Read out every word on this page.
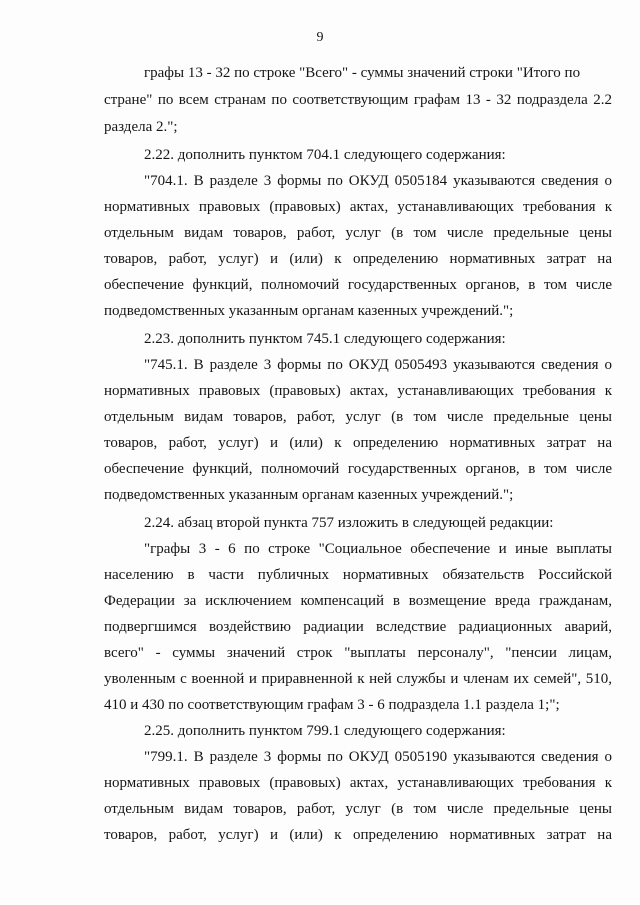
9
графы 13 - 32 по строке "Всего" - суммы значений строки "Итого по
стране" по всем странам по соответствующим графам 13 - 32 подраздела 2.2
раздела 2.";
2.22. дополнить пунктом 704.1 следующего содержания:
"704.1. В разделе 3 формы по ОКУД 0505184 указываются сведения о
нормативных правовых (правовых) актах, устанавливающих требования к
отдельным видам товаров, работ, услуг (в том числе предельные цены
товаров, работ, услуг) и (или) к определению нормативных затрат на
обеспечение функций, полномочий государственных органов, в том числе
подведомственных указанным органам казенных учреждений.";
2.23. дополнить пунктом 745.1 следующего содержания:
"745.1. В разделе 3 формы по ОКУД 0505493 указываются сведения о
нормативных правовых (правовых) актах, устанавливающих требования к
отдельным видам товаров, работ, услуг (в том числе предельные цены
товаров, работ, услуг) и (или) к определению нормативных затрат на
обеспечение функций, полномочий государственных органов, в том числе
подведомственных указанным органам казенных учреждений.";
2.24. абзац второй пункта 757 изложить в следующей редакции:
"графы 3 - 6 по строке "Социальное обеспечение и иные выплаты
населению в части публичных нормативных обязательств Российской
Федерации за исключением компенсаций в возмещение вреда гражданам,
подвергшимся воздействию радиации вследствие радиационных аварий,
всего" - суммы значений строк "выплаты персоналу", "пенсии лицам,
уволенным с военной и приравненной к ней службы и членам их семей", 510,
410 и 430 по соответствующим графам 3 - 6 подраздела 1.1 раздела 1;";
2.25. дополнить пунктом 799.1 следующего содержания:
"799.1. В разделе 3 формы по ОКУД 0505190 указываются сведения о
нормативных правовых (правовых) актах, устанавливающих требования к
отдельным видам товаров, работ, услуг (в том числе предельные цены
товаров, работ, услуг) и (или) к определению нормативных затрат на
